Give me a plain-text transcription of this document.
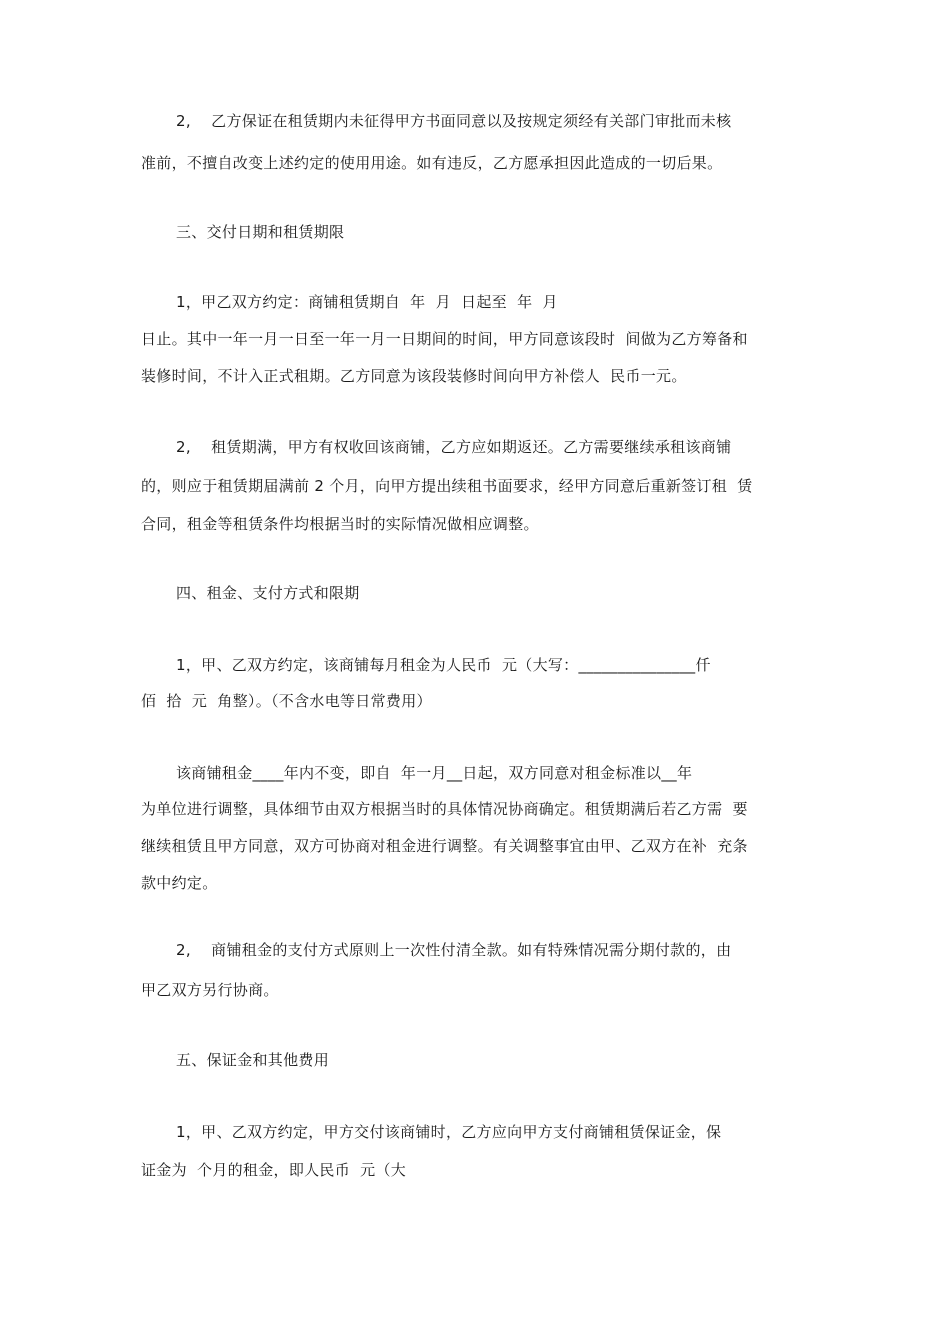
2,    乙方保证在租赁期内未征得甲方书面同意以及按规定须经有关部门审批而未核
准前，不擅自改变上述约定的使用用途。如有违反，乙方愿承担因此造成的一切后果。
三、交付日期和租赁期限
1，甲乙双方约定：商铺租赁期自  年  月  日起至  年  月
日止。其中一年一月一日至一年一月一日期间的时间，甲方同意该段时  间做为乙方筹备和
装修时间，不计入正式租期。乙方同意为该段装修时间向甲方补偿人  民币一元。
2,    租赁期满，甲方有权收回该商铺，乙方应如期返还。乙方需要继续承租该商铺
的，则应于租赁期届满前 2 个月，向甲方提出续租书面要求，经甲方同意后重新签订租  赁
合同，租金等租赁条件均根据当时的实际情况做相应调整。
四、租金、支付方式和限期
1，甲、乙双方约定，该商铺每月租金为人民币  元（大写：_______________仟
佰  拾  元  角整）。（不含水电等日常费用）
该商铺租金____年内不变，即自  年一月__日起，双方同意对租金标准以__年
为单位进行调整，具体细节由双方根据当时的具体情况协商确定。租赁期满后若乙方需  要
继续租赁且甲方同意，双方可协商对租金进行调整。有关调整事宜由甲、乙双方在补  充条
款中约定。
2,    商铺租金的支付方式原则上一次性付清全款。如有特殊情况需分期付款的，由
甲乙双方另行协商。
五、保证金和其他费用
1，甲、乙双方约定，甲方交付该商铺时，乙方应向甲方支付商铺租赁保证金，保
证金为  个月的租金，即人民币  元（大
